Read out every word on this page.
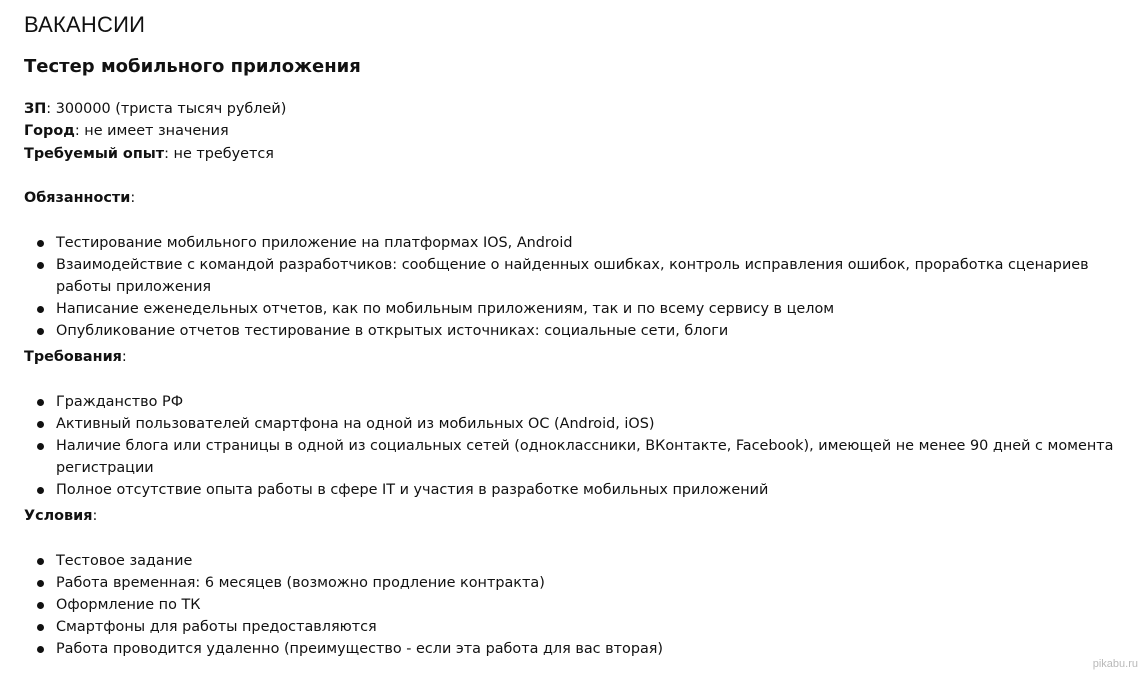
ВАКАНСИИ
Тестер мобильного приложения
ЗП: 300000 (триста тысяч рублей)
Город: не имеет значения
Требуемый опыт: не требуется

Обязанности:

Тестирование мобильного приложение на платформах IOS, Android
Взаимодействие с командой разработчиков: сообщение о найденных ошибках, контроль исправления ошибок, проработка сценариев работы приложения
Написание еженедельных отчетов, как по мобильным приложениям, так и по всему сервису в целом
Опубликование отчетов тестирование в открытых источниках: социальные сети, блоги

Требования:

Гражданство РФ
Активный пользователей смартфона на одной из мобильных ОС (Android, iOS)
Наличие блога или страницы в одной из социальных сетей (одноклассники, ВКонтакте, Facebook), имеющей не менее 90 дней с момента регистрации
Полное отсутствие опыта работы в сфере IT и участия в разработке мобильных приложений

Условия:

Тестовое задание
Работа временная: 6 месяцев (возможно продление контракта)
Оформление по ТК
Смартфоны для работы предоставляются
Работа проводится удаленно (преимущество - если эта работа для вас вторая)
pikabu.ru
